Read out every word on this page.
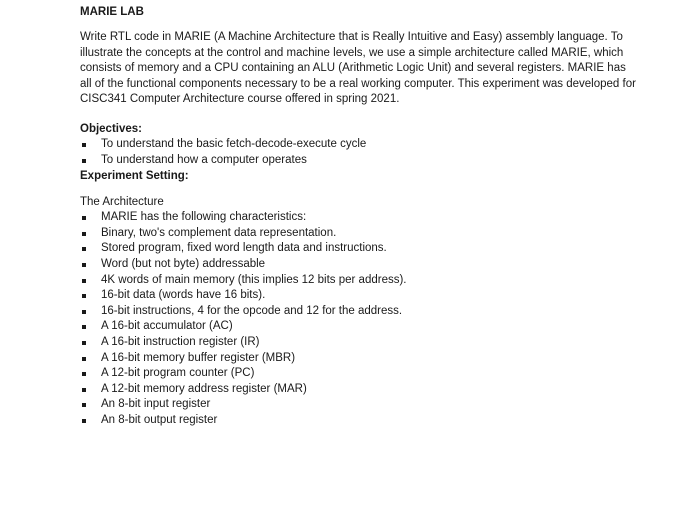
MARIE LAB

Write RTL code in MARIE (A Machine Architecture that is Really Intuitive and Easy) assembly language. To illustrate the concepts at the control and machine levels, we use a simple architecture called MARIE, which consists of memory and a CPU containing an ALU (Arithmetic Logic Unit) and several registers. MARIE has all of the functional components necessary to be a real working computer. This experiment was developed for CISC341 Computer Architecture course offered in spring 2021.

Objectives:

To understand the basic fetch-decode-execute cycle
To understand how a computer operates

Experiment Setting:

The Architecture

MARIE has the following characteristics:
Binary, two's complement data representation.
Stored program, fixed word length data and instructions.
Word (but not byte) addressable
4K words of main memory (this implies 12 bits per address).
16-bit data (words have 16 bits).
16-bit instructions, 4 for the opcode and 12 for the address.
A 16-bit accumulator (AC)
A 16-bit instruction register (IR)
A 16-bit memory buffer register (MBR)
A 12-bit program counter (PC)
A 12-bit memory address register (MAR)
An 8-bit input register
An 8-bit output register
